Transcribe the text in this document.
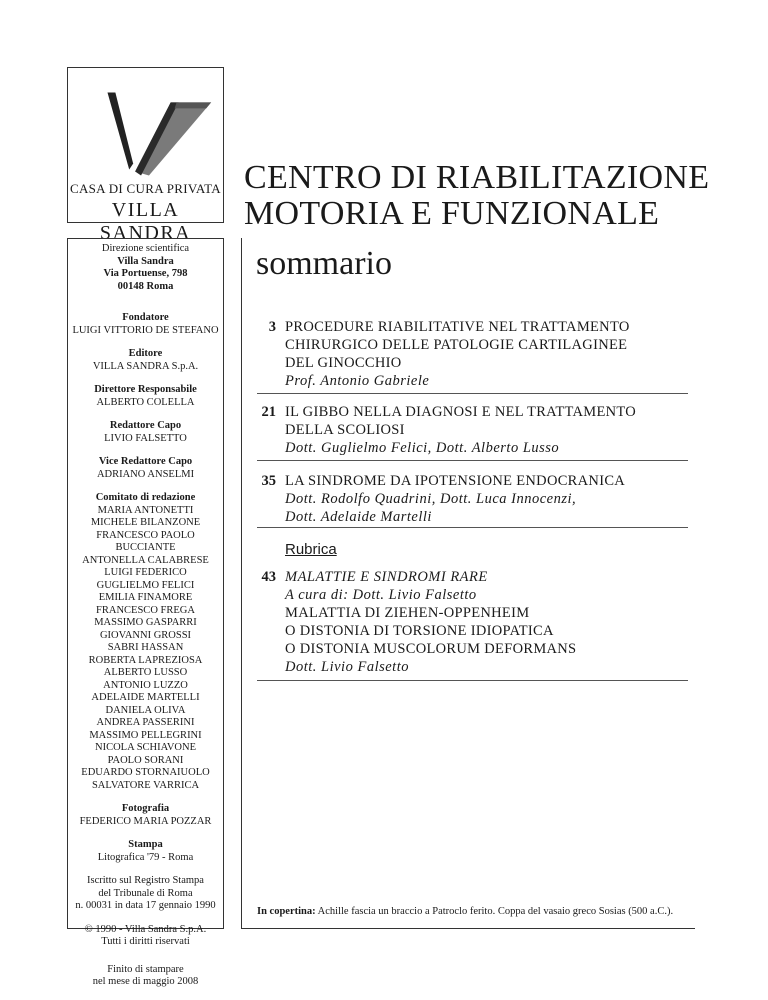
CASA DI CURA PRIVATA
VILLA SANDRA
CENTRO DI RIABILITAZIONE
MOTORIA E FUNZIONALE
Direzione scientifica
Villa Sandra
Via Portuense, 798
00148 Roma
Fondatore
LUIGI VITTORIO DE STEFANO
Editore
VILLA SANDRA S.p.A.
Direttore Responsabile
ALBERTO COLELLA
Redattore Capo
LIVIO FALSETTO
Vice Redattore Capo
ADRIANO ANSELMI
Comitato di redazione
MARIA ANTONETTI
MICHELE BILANZONE
FRANCESCO PAOLO BUCCIANTE
ANTONELLA CALABRESE
LUIGI FEDERICO
GUGLIELMO FELICI
EMILIA FINAMORE
FRANCESCO FREGA
MASSIMO GASPARRI
GIOVANNI GROSSI
SABRI HASSAN
ROBERTA LAPREZIOSA
ALBERTO LUSSO
ANTONIO LUZZO
ADELAIDE MARTELLI
DANIELA OLIVA
ANDREA PASSERINI
MASSIMO PELLEGRINI
NICOLA SCHIAVONE
PAOLO SORANI
EDUARDO STORNAIUOLO
SALVATORE VARRICA
Fotografia
FEDERICO MARIA POZZAR
Stampa
Litografica '79 - Roma
Iscritto sul Registro Stampa
del Tribunale di Roma
n. 00031 in data 17 gennaio 1990
© 1990 - Villa Sandra S.p.A.
Tutti i diritti riservati
Finito di stampare
nel mese di maggio 2008
sommario
3 PROCEDURE RIABILITATIVE NEL TRATTAMENTO
CHIRURGICO DELLE PATOLOGIE CARTILAGINEE
DEL GINOCCHIO
Prof. Antonio Gabriele
21 IL GIBBO NELLA DIAGNOSI E NEL TRATTAMENTO
DELLA SCOLIOSI
Dott. Guglielmo Felici, Dott. Alberto Lusso
35 LA SINDROME DA IPOTENSIONE ENDOCRANICA
Dott. Rodolfo Quadrini, Dott. Luca Innocenzi,
Dott. Adelaide Martelli
Rubrica
43 MALATTIE E SINDROMI RARE
A cura di: Dott. Livio Falsetto
MALATTIA DI ZIEHEN-OPPENHEIM
O DISTONIA DI TORSIONE IDIOPATICA
O DISTONIA MUSCOLORUM DEFORMANS
Dott. Livio Falsetto
In copertina: Achille fascia un braccio a Patroclo ferito. Coppa del vasaio greco Sosias (500 a.C.).
